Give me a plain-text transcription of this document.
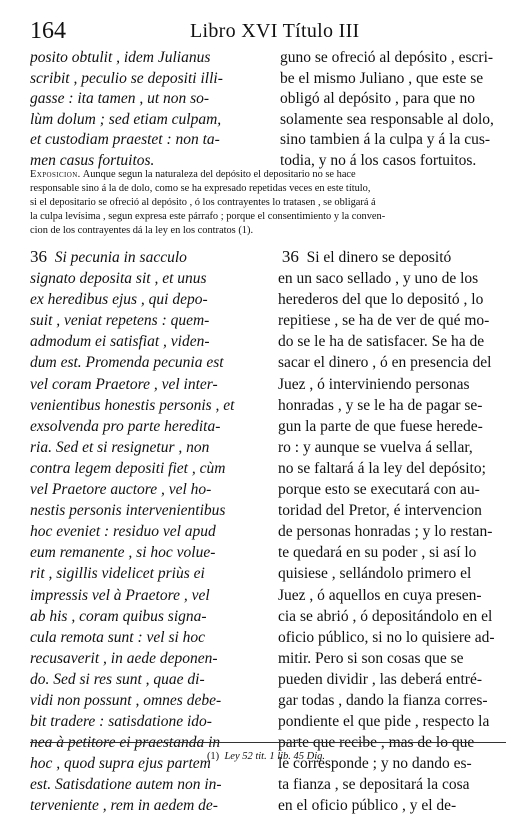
164	Libro XVI Título III
posito obtulit , idem Julianus
scribit , peculio se depositi illi-
gasse : ita tamen , ut non so-
lùm dolum ; sed etiam culpam,
et custodiam praestet : non ta-
men casus fortuitos.
guno se ofreció al depósito , escri-
be el mismo Juliano , que este se
obligó al depósito , para que no
solamente sea responsable al dolo,
sino tambien á la culpa y á la cus-
todia, y no á los casos fortuitos.
Exposicion. Aunque segun la naturaleza del depósito el depositario no se hace
responsable sino á la de dolo, como se ha expresado repetidas veces en este título,
si el depositario se ofreció al depósito , ó los contrayentes lo tratasen , se obligará á
la culpa levísima , segun expresa este párrafo ; porque el consentimiento y la conven-
cion de los contrayentes dá la ley en los contratos (1).
36 Si pecunia in sacculo
signato deposita sit , et unus
ex heredibus ejus , qui depo-
suit , veniat repetens : quem-
admodum ei satisfiat , viden-
dum est. Promenda pecunia est
vel coram Praetore , vel inter-
venientibus honestis personis , et
exsolvenda pro parte heredita-
ria. Sed et si resignetur , non
contra legem depositi fiet , cùm
vel Praetore auctore , vel ho-
nestis personis intervenientibus
hoc eveniet : residuo vel apud
eum remanente , si hoc volue-
rit , sigillis videlicet priùs ei
impressis vel à Praetore , vel
ab his , coram quibus signa-
cula remota sunt : vel si hoc
recusaverit , in aede deponen-
do. Sed si res sunt , quae di-
vidi non possunt , omnes debe-
bit tradere : satisdatione ido-
nea à petitore ei praestanda in
hoc , quod supra ejus partem
est. Satisdatione autem non in-
terveniente , rem in aedem de-
36 Si el dinero se depositó
en un saco sellado , y uno de los
herederos del que lo depositó , lo
repitiese , se ha de ver de qué mo-
do se le ha de satisfacer. Se ha de
sacar el dinero , ó en presencia del
Juez , ó interviniendo personas
honradas , y se le ha de pagar se-
gun la parte de que fuese herede-
ro : y aunque se vuelva á sellar,
no se faltará á la ley del depósito;
porque esto se executará con au-
toridad del Pretor, é intervencion
de personas honradas ; y lo restan-
te quedará en su poder , si así lo
quisiese , sellándolo primero el
Juez , ó aquellos en cuya presen-
cia se abrió , ó depositándolo en el
oficio público, si no lo quisiere ad-
mitir. Pero si son cosas que se
pueden dividir , las deberá entré-
gar todas , dando la fianza corres-
pondiente el que pide , respecto la
parte que recibe , mas de lo que
le corresponde ; y no dando es-
ta fianza , se depositará la cosa
en el oficio público , y el de-
(1) Ley 52 tit. 1 lib. 45 Dig.
